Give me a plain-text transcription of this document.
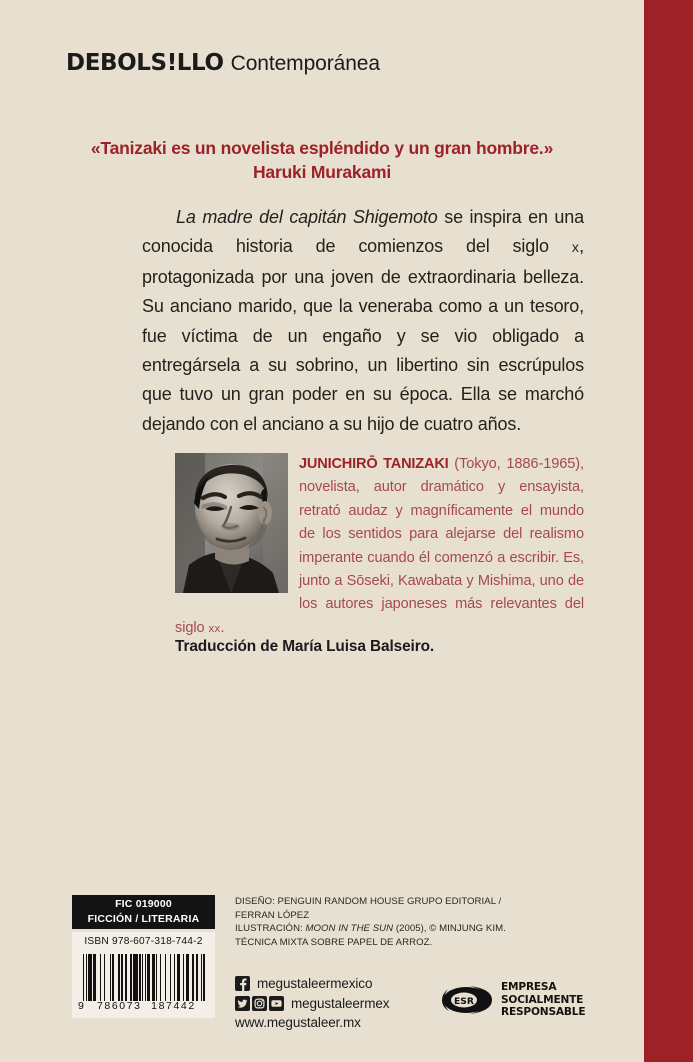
DEBOLS!LLO Contemporánea
«Tanizaki es un novelista espléndido y un gran hombre.»
Haruki Murakami
La madre del capitán Shigemoto se inspira en una conocida historia de comienzos del siglo x, protagonizada por una joven de extraordinaria belleza. Su anciano marido, que la veneraba como a un tesoro, fue víctima de un engaño y se vio obligado a entregársela a su sobrino, un libertino sin escrúpulos que tuvo un gran poder en su época. Ella se marchó dejando con el anciano a su hijo de cuatro años.
JUNICHIRŌ TANIZAKI (Tokyo, 1886-1965), novelista, autor dramático y ensayista, retrató audaz y magníficamente el mundo de los sentidos para alejarse del realismo imperante cuando él comenzó a escribir. Es, junto a Sōseki, Kawabata y Mishima, uno de los autores japoneses más relevantes del siglo xx.
Traducción de María Luisa Balseiro.
FIC 019000
FICCIÓN / LITERARIA
ISBN 978-607-318-744-2
9 786073 187442
DISEÑO: PENGUIN RANDOM HOUSE GRUPO EDITORIAL /
FERRAN LÓPEZ
ILUSTRACIÓN: MOON IN THE SUN (2005), © MINJUNG KIM.
TÉCNICA MIXTA SOBRE PAPEL DE ARROZ.
megustaleermexico
megustaleermex
www.megustaleer.mx
ESR
EMPRESA
SOCIALMENTE
RESPONSABLE
